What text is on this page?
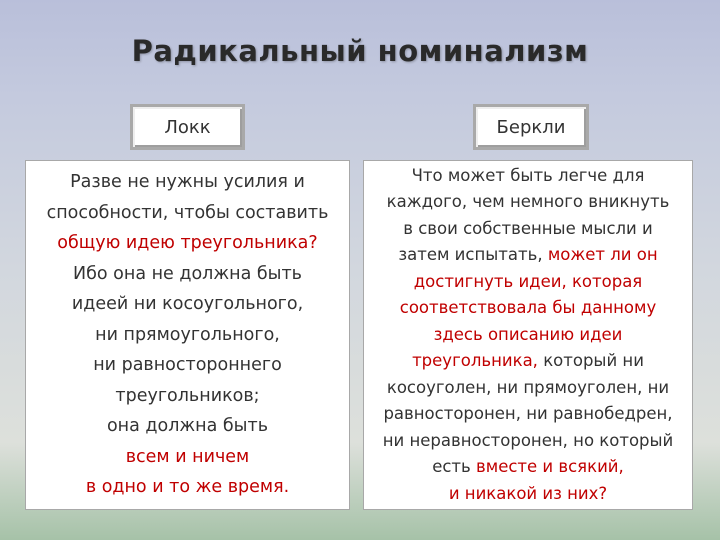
Радикальный номинализм
Локк	Беркли
Разве не нужны усилия и
способности, чтобы составить
общую идею треугольника?
Ибо она не должна быть
идеей ни косоугольного,
ни прямоугольного,
ни равностороннего
треугольников;
она должна быть
всем и ничем
в одно и то же время.
Что может быть легче для
каждого, чем немного вникнуть
в свои собственные мысли и
затем испытать, может ли он
достигнуть идеи, которая
соответствовала бы данному
здесь описанию идеи
треугольника, который ни
косоуголен, ни прямоуголен, ни
равносторонен, ни равнобедрен,
ни неравносторонен, но который
есть вместе и всякий,
и никакой из них?
